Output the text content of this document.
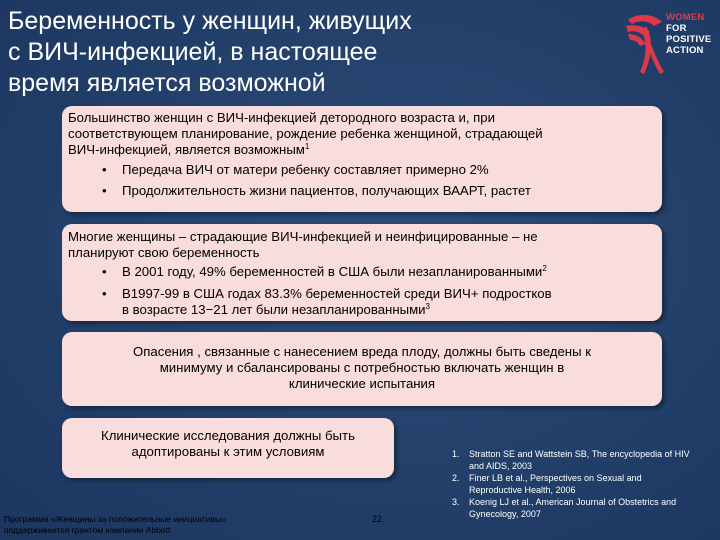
Беременность у женщин, живущих
с ВИЧ-инфекцией, в настоящее
время является возможной
WOMEN
FOR
POSITIVE
ACTION
Большинство женщин с ВИЧ-инфекцией детородного возраста и, при
соответствующем планирование, рождение ребенка женщиной, страдающей
ВИЧ-инфекцией, является возможным$^1$
• Передача ВИЧ от матери ребенку составляет примерно 2%
• Продолжительность жизни пациентов, получающих ВААРТ, растет
Многие женщины – страдающие ВИЧ-инфекцией и неинфицированные – не
планируют свою беременность
• В 2001 году, 49% беременностей в США были незапланированными$^2$
• В1997-99 в США годах 83.3% беременностей среди ВИЧ+ подростков
в возрасте 13−21 лет были незапланированными$^3$
Опасения , связанные с нанесением вреда плоду, должны быть сведены к
минимуму и сбалансированы с потребностью включать женщин в
клинические испытания
Клинические исследования должны быть
адоптированы к этим условиям	1. Stratton SE and Wattstein SB, The encyclopedia of HIV
and AIDS, 2003
2. Finer LB et al., Perspectives on Sexual and
Reproductive Health, 2006
3. Koenig LJ et al., American Journal of Obstetrics and
Gynecology, 2007
Программа «Женщины за положительные инициативы»
поддерживается грантом компании Abbott
22
